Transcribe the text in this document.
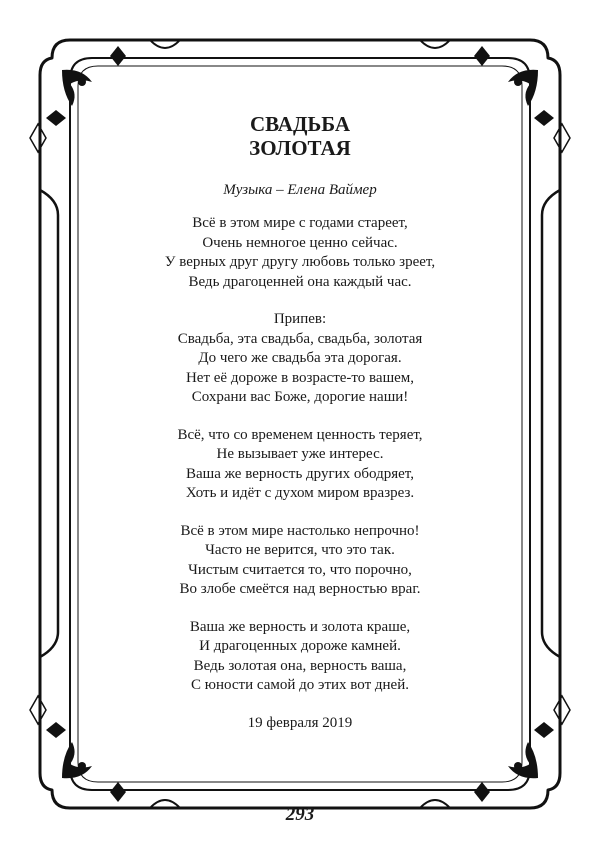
СВАДЬБА
ЗОЛОТАЯ
Музыка – Елена Ваймер
Всё в этом мире с годами стареет,
Очень немногое ценно сейчас.
У верных друг другу любовь только зреет,
Ведь драгоценней она каждый час.
Припев:
Свадьба, эта свадьба, свадьба, золотая
До чего же свадьба эта дорогая.
Нет её дороже в возрасте-то вашем,
Сохрани вас Боже, дорогие наши!
Всё, что со временем ценность теряет,
Не вызывает уже интерес.
Ваша же верность других ободряет,
Хоть и идёт с духом миром вразрез.
Всё в этом мире настолько непрочно!
Часто не верится, что это так.
Чистым считается то, что порочно,
Во злобе смеётся над верностью враг.
Ваша же верность и золота краше,
И драгоценных дороже камней.
Ведь золотая она, верность ваша,
С юности самой до этих вот дней.
19 февраля 2019
293
